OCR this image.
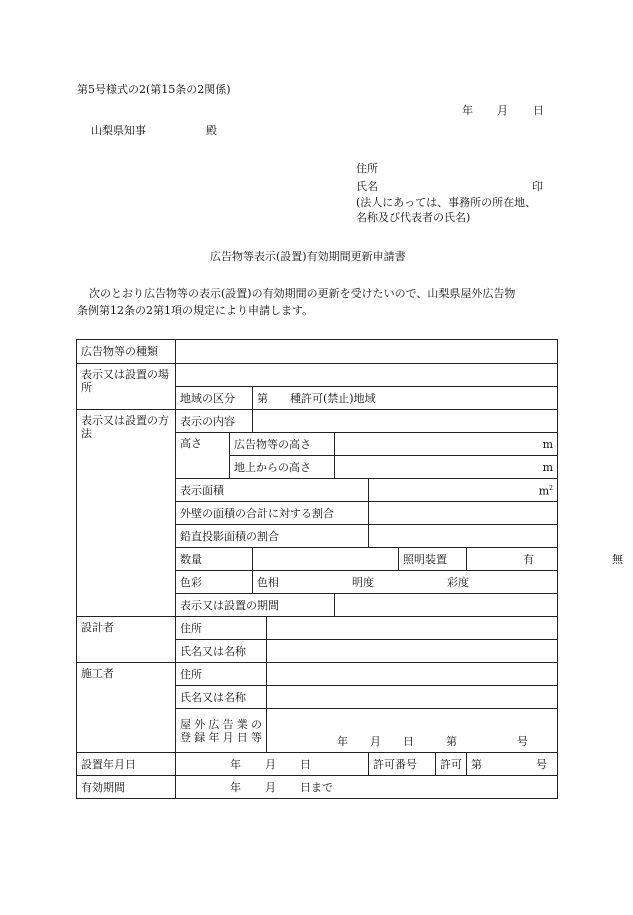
第5号様式の2(第15条の2関係)
年 月 日
山梨県知事	殿
住所
氏名	印
(法人にあっては、事務所の所在地、
名称及び代表者の氏名)
広告物等表示(設置)有効期間更新申請書
次のとおり広告物等の表示(設置)の有効期間の更新を受けたいので、山梨県屋外広告物
条例第12条の2第1項の規定により申請します。
広告物等の種類								
表示又は設置の場所								
	地域の区分		第 種許可(禁止)地域					
表示又は設置の方法	表示の内容							
	高さ	広告物等の高さ			m			
		地上からの高さ			m			
	表示面積					$m^2$
	外壁の面積の合計に対する割合							
	鉛直投影面積の割合							
	数量						照明装置	有 無

	色彩		色相 明度 彩度					
	表示又は設置の期間							
設計者	住所							
	氏名又は名称							
施工者	住所							
	氏名又は名称							

	屋外広告業の
登録年月日等			年 月 日 第 号				
設置年月日	年 月 日					許可番号 許可		第 号
有効期間	年 月 日まで							
